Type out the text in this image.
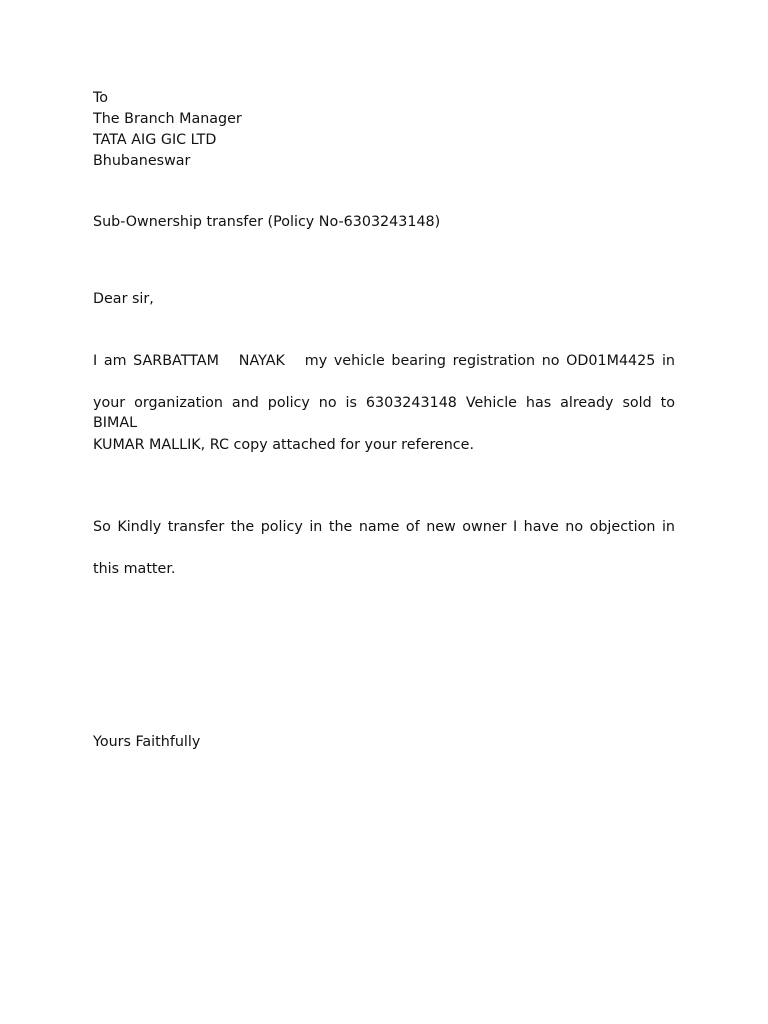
To
The Branch Manager
TATA AIG GIC LTD
Bhubaneswar
Sub-Ownership transfer (Policy No-6303243148)
Dear sir,
I am SARBATTAM   NAYAK   my vehicle bearing registration no OD01M4425 in
your organization and policy no is 6303243148 Vehicle has already sold to BIMAL
KUMAR MALLIK, RC copy attached for your reference.
So Kindly transfer the policy in the name of new owner I have no objection in
this matter.
Yours Faithfully
